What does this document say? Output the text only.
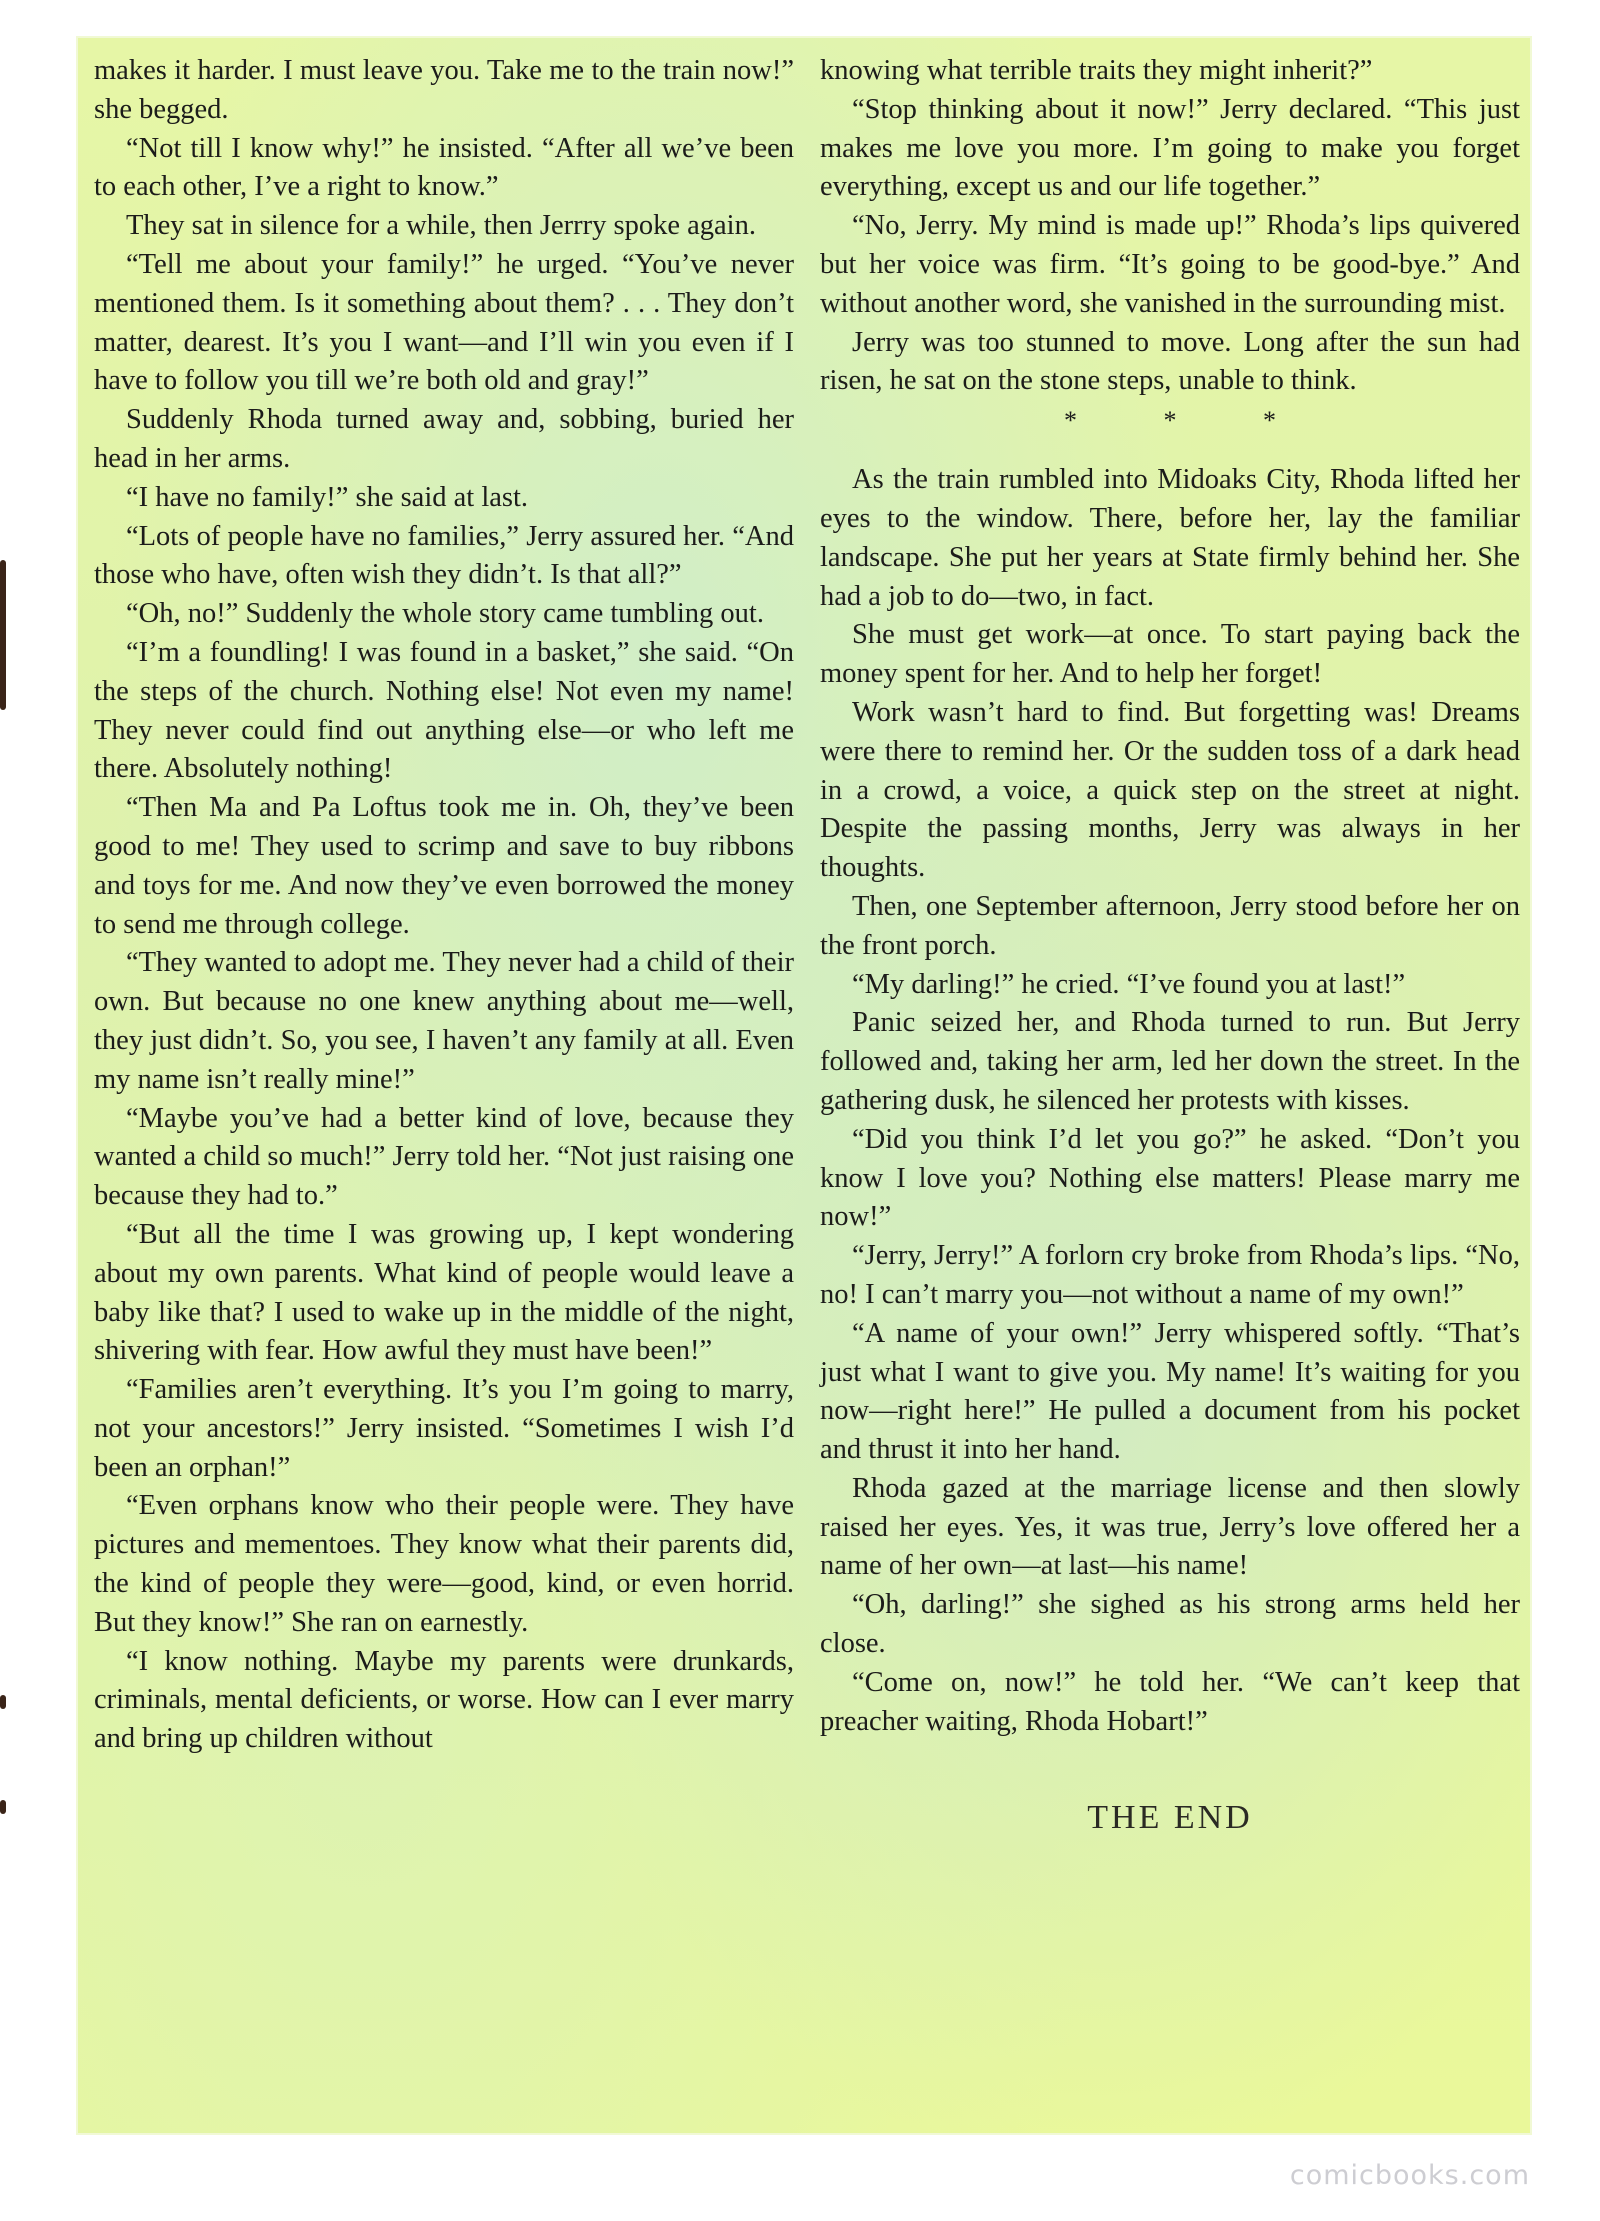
makes it harder. I must leave you. Take me to the train now!” she begged.

“Not till I know why!” he insisted. “After all we’ve been to each other, I’ve a right to know.”

They sat in silence for a while, then Jerrry spoke again.

“Tell me about your family!” he urged. “You’ve never mentioned them. Is it something about them? . . . They don’t matter, dearest. It’s you I want—and I’ll win you even if I have to follow you till we’re both old and gray!”

Suddenly Rhoda turned away and, sobbing, buried her head in her arms.

“I have no family!” she said at last.

“Lots of people have no families,” Jerry assured her. “And those who have, often wish they didn’t. Is that all?”

“Oh, no!” Suddenly the whole story came tumbling out.

“I’m a foundling! I was found in a basket,” she said. “On the steps of the church. Nothing else! Not even my name! They never could find out anything else—or who left me there. Absolutely nothing!

“Then Ma and Pa Loftus took me in. Oh, they’ve been good to me! They used to scrimp and save to buy ribbons and toys for me. And now they’ve even borrowed the money to send me through college.

“They wanted to adopt me. They never had a child of their own. But because no one knew anything about me—well, they just didn’t. So, you see, I haven’t any family at all. Even my name isn’t really mine!”

“Maybe you’ve had a better kind of love, because they wanted a child so much!” Jerry told her. “Not just raising one because they had to.”

“But all the time I was growing up, I kept wondering about my own parents. What kind of people would leave a baby like that? I used to wake up in the middle of the night, shivering with fear. How awful they must have been!”

“Families aren’t everything. It’s you I’m going to marry, not your ancestors!” Jerry insisted. “Sometimes I wish I’d been an orphan!”

“Even orphans know who their people were. They have pictures and mementoes. They know what their parents did, the kind of people they were—good, kind, or even horrid. But they know!” She ran on earnestly.

“I know nothing. Maybe my parents were drunkards, criminals, mental deficients, or worse. How can I ever marry and bring up children without

knowing what terrible traits they might inherit?”

“Stop thinking about it now!” Jerry declared. “This just makes me love you more. I’m going to make you forget everything, except us and our life together.”

“No, Jerry. My mind is made up!” Rhoda’s lips quivered but her voice was firm. “It’s going to be good-bye.” And without another word, she vanished in the surrounding mist.

Jerry was too stunned to move. Long after the sun had risen, he sat on the stone steps, unable to think.

* * *

As the train rumbled into Midoaks City, Rhoda lifted her eyes to the window. There, before her, lay the familiar landscape. She put her years at State firmly behind her. She had a job to do—two, in fact.

She must get work—at once. To start paying back the money spent for her. And to help her forget!

Work wasn’t hard to find. But forgetting was! Dreams were there to remind her. Or the sudden toss of a dark head in a crowd, a voice, a quick step on the street at night. Despite the passing months, Jerry was always in her thoughts.

Then, one September afternoon, Jerry stood before her on the front porch.

“My darling!” he cried. “I’ve found you at last!”

Panic seized her, and Rhoda turned to run. But Jerry followed and, taking her arm, led her down the street. In the gathering dusk, he silenced her protests with kisses.

“Did you think I’d let you go?” he asked. “Don’t you know I love you? Nothing else matters! Please marry me now!”

“Jerry, Jerry!” A forlorn cry broke from Rhoda’s lips. “No, no! I can’t marry you—not without a name of my own!”

“A name of your own!” Jerry whispered softly. “That’s just what I want to give you. My name! It’s waiting for you now—right here!” He pulled a document from his pocket and thrust it into her hand.

Rhoda gazed at the marriage license and then slowly raised her eyes. Yes, it was true, Jerry’s love offered her a name of her own—at last—his name!

“Oh, darling!” she sighed as his strong arms held her close.

“Come on, now!” he told her. “We can’t keep that preacher waiting, Rhoda Hobart!”

THE END
comicbooks.com
